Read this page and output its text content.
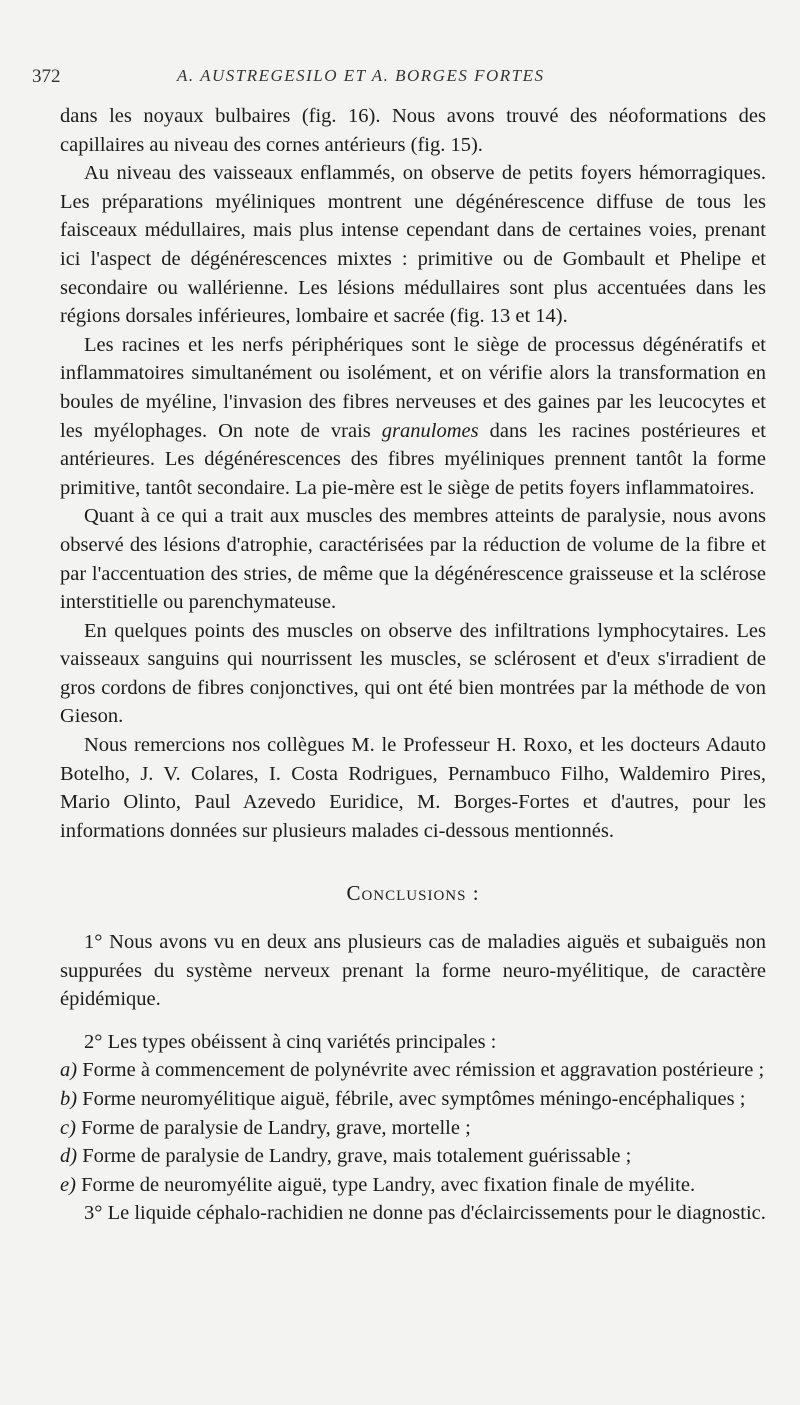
372	A. AUSTREGESILO ET A. BORGES FORTES

dans les noyaux bulbaires (fig. 16). Nous avons trouvé des néoformations des capillaires au niveau des cornes antérieurs (fig. 15).

Au niveau des vaisseaux enflammés, on observe de petits foyers hémorragiques. Les préparations myéliniques montrent une dégénérescence diffuse de tous les faisceaux médullaires, mais plus intense cependant dans de certaines voies, prenant ici l'aspect de dégénérescences mixtes : primitive ou de Gombault et Phelipe et secondaire ou wallérienne. Les lésions médullaires sont plus accentuées dans les régions dorsales inférieures, lombaire et sacrée (fig. 13 et 14).

Les racines et les nerfs périphériques sont le siège de processus dégénératifs et inflammatoires simultanément ou isolément, et on vérifie alors la transformation en boules de myéline, l'invasion des fibres nerveuses et des gaines par les leucocytes et les myélophages. On note de vrais granulomes dans les racines postérieures et antérieures. Les dégénérescences des fibres myéliniques prennent tantôt la forme primitive, tantôt secondaire. La pie-mère est le siège de petits foyers inflammatoires.

Quant à ce qui a trait aux muscles des membres atteints de paralysie, nous avons observé des lésions d'atrophie, caractérisées par la réduction de volume de la fibre et par l'accentuation des stries, de même que la dégénérescence graisseuse et la sclérose interstitielle ou parenchymateuse.

En quelques points des muscles on observe des infiltrations lymphocytaires. Les vaisseaux sanguins qui nourrissent les muscles, se sclérosent et d'eux s'irradient de gros cordons de fibres conjonctives, qui ont été bien montrées par la méthode de von Gieson.

Nous remercions nos collègues M. le Professeur H. Roxo, et les docteurs Adauto Botelho, J. V. Colares, I. Costa Rodrigues, Pernambuco Filho, Waldemiro Pires, Mario Olinto, Paul Azevedo Euridice, M. Borges-Fortes et d'autres, pour les informations données sur plusieurs malades ci-dessous mentionnés.

Conclusions :

1° Nous avons vu en deux ans plusieurs cas de maladies aiguës et subaiguës non suppurées du système nerveux prenant la forme neuro-myélitique, de caractère épidémique.

2° Les types obéissent à cinq variétés principales :

a) Forme à commencement de polynévrite avec rémission et aggravation postérieure ;

b) Forme neuromyélitique aiguë, fébrile, avec symptômes méningo-encéphaliques ;

c) Forme de paralysie de Landry, grave, mortelle ;

d) Forme de paralysie de Landry, grave, mais totalement guérissable ;

e) Forme de neuromyélite aiguë, type Landry, avec fixation finale de myélite.

3° Le liquide céphalo-rachidien ne donne pas d'éclaircissements pour le diagnostic.
